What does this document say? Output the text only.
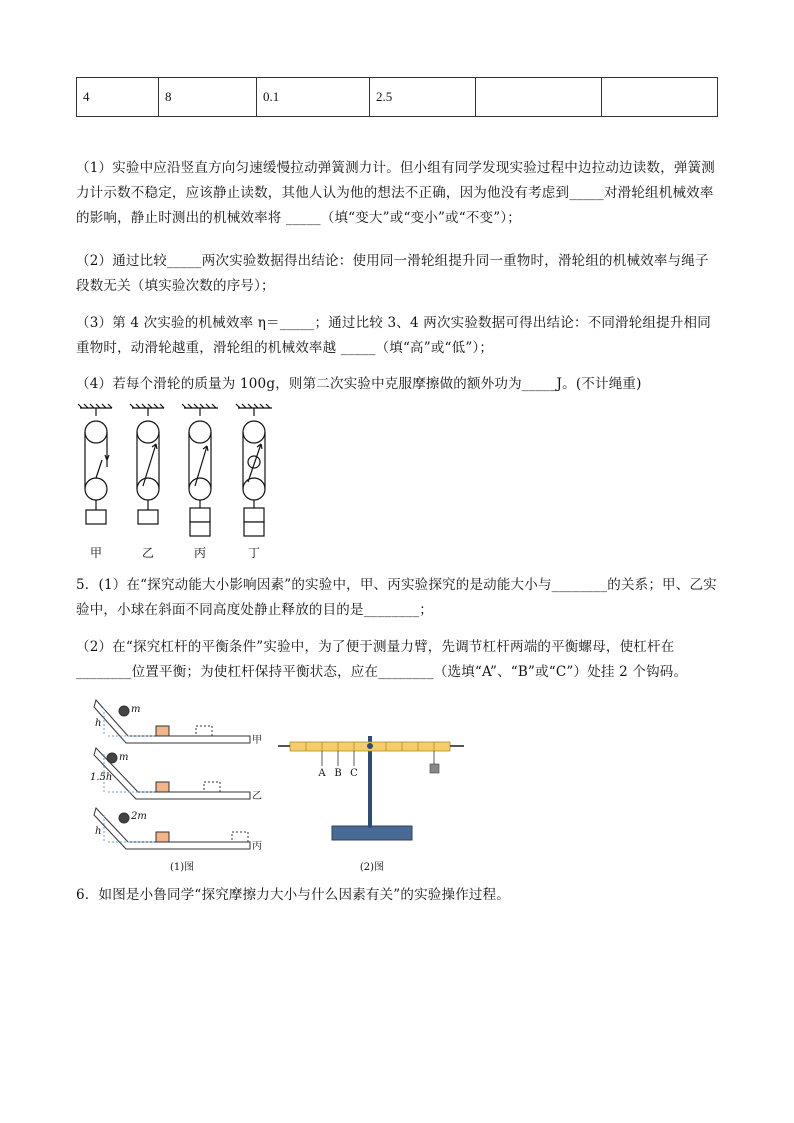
4	8	0.1	2.5		
（1）实验中应沿竖直方向匀速缓慢拉动弹簧测力计。但小组有同学发现实验过程中边拉动边读数，弹簧测力计示数不稳定，应该静止读数，其他人认为他的想法不正确，因为他没有考虑到_____对滑轮组机械效率的影响，静止时测出的机械效率将 _____（填“变大”或“变小”或“不变”）；
（2）通过比较_____两次实验数据得出结论：使用同一滑轮组提升同一重物时，滑轮组的机械效率与绳子段数无关（填实验次数的序号）；
（3）第 4 次实验的机械效率 η＝_____；通过比较 3、4 两次实验数据可得出结论：不同滑轮组提升相同重物时，动滑轮越重，滑轮组的机械效率越 _____（填“高”或“低”）；
（4）若每个滑轮的质量为 100g，则第二次实验中克服摩擦做的额外功为_____J。(不计绳重)
甲	乙	丙	丁
5．(1）在“探究动能大小影响因素”的实验中，甲、丙实验探究的是动能大小与________的关系；甲、乙实验中，小球在斜面不同高度处静止释放的目的是________；
（2）在“探究杠杆的平衡条件”实验中，为了便于测量力臂，先调节杠杆两端的平衡螺母，使杠杆在________位置平衡；为使杠杆保持平衡状态，应在________（选填“A”、“B”或“C”）处挂 2 个钩码。
h
1.5h
h
m
m
2m
甲
乙
丙
(1)图
A B C
(2)图
6．如图是小鲁同学“探究摩擦力大小与什么因素有关”的实验操作过程。
